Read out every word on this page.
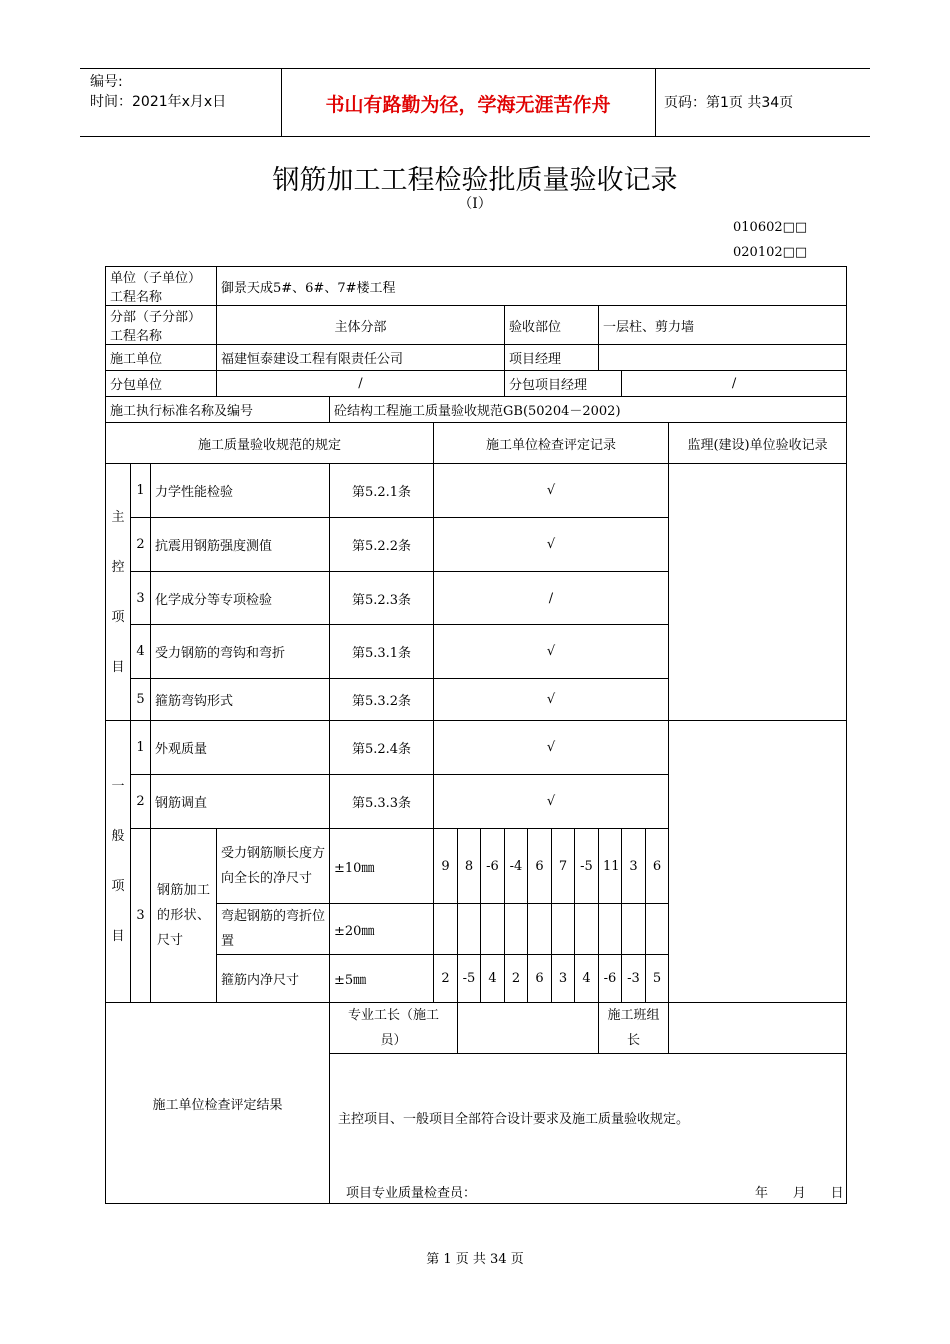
编号:
时间：2021年x月x日	书山有路勤为径，学海无涯苦作舟	页码：第1页 共34页
钢筋加工工程检验批质量验收记录
（Ⅰ）
010602□□
020102□□
单位（子单位）工程名称			御景天成5#、6#、7#楼工程												
分部（子分部）工程名称			主体分部					验收部位				一层柱、剪力墙			
施工单位			福建恒泰建设工程有限责任公司					项目经理							
分包单位			/					分包项目经理					/		
施工执行标准名称及编号				砼结构工程施工质量验收规范GB(50204－2002)											
施工质量验收规范的规定					施工单位检查评定记录										监理(建设)单位验收记录
主

控

项

目	1	力学性能检验		第5.2.1条	√										
	2	抗震用钢筋强度测值		第5.2.2条	√										
	3	化学成分等专项检验		第5.2.3条	/										
	4	受力钢筋的弯钩和弯折		第5.3.1条	√										
	5	箍筋弯钩形式		第5.3.2条	√										
一

般

项

目	1	外观质量		第5.2.4条	√										
	2	钢筋调直		第5.3.3条	√										
	3	钢筋加工的形状、尺寸	受力钢筋顺长度方向全长的净尺寸	±10㎜	9	8	-6	-4	6	7	-5	11	3	6	
			弯起钢筋的弯折位置	±20㎜											
			箍筋内净尺寸	±5㎜	2	-5	4	2	6	3	4	-6	-3	5	
施工单位检查评定结果				专业工长（施工员）								施工班组长			

				主控项目、一般项目全部符合设计要求及施工质量验收规定。
项目专业质量检查员： 年      月      日											
第 1 页 共 34 页
